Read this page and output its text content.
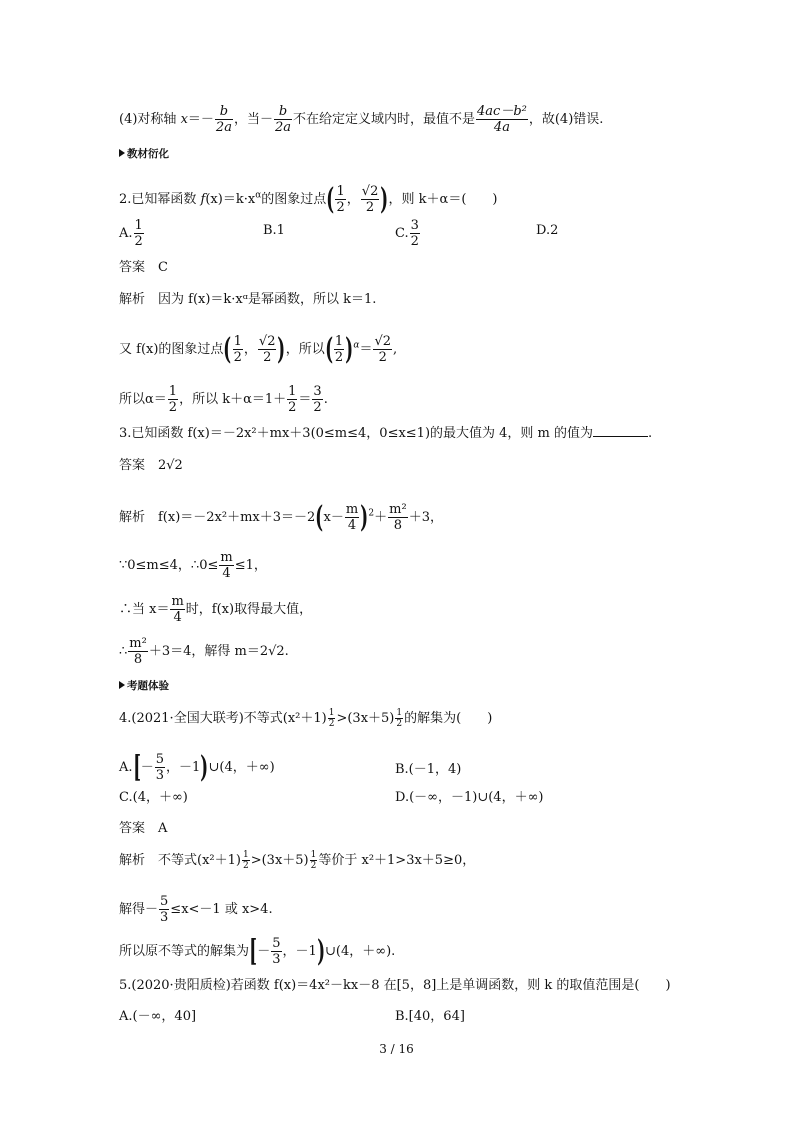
(4)对称轴 $x=- \frac{b}{2a}$ ，当－ $\frac{b}{2a}$ 不在给定定义域内时，最值不是 $\frac{\text{4ac－b²}}{4a}$ ，故(4)错误.
教材衍化
2.已知幂函数 $f(x)=k\cdot x^\alpha$的图象过点( $\frac{1}{2}$ ， $\frac{√2}{2}$ )，则 k＋α＝(　　)
A. $\frac{1}{2}$	B.1	C. $\frac{3}{2}$	D.2
答案　C
解析　因为 f(x)＝k·xᵅ是幂函数，所以 k＝1.
又 f(x)的图象过点( $\frac{1}{2}$ ， $\frac{√2}{2}$ )，所以( $\frac{1}{2} )^\alpha= \frac{√2}{2}$ ,
所以$\alpha= \frac{1}{2}$ ，所以 $k+\alpha=1+ \frac{1}{2} = \frac{3}{2}$ .
3.已知函数 f(x)＝－2x²＋mx＋3(0≤m≤4，0≤x≤1)的最大值为 4，则 m 的值为	.
答案　2√2
解析　$f(x)=-2x^2+mx+3=-2(x- \frac{m}{4} )^2+ \frac{\text{m²}}{8} +3$，
∵0≤m≤4，∴0≤ $\frac{m}{4} \le 1$，
∴当 $x= \frac{m}{4}$ 时，f(x)取得最大值，
∴ $\frac{\text{m²}}{8} +3=4$，解得 m＝2√2.
考题体验
4.(2021·全国大联考)不等式$(x^2+1) \frac{1}{2} >(3x+5) \frac{1}{2}$ 的解集为(　　)
$A.[- \frac{5}{3}$ ，－1)∪(4，＋∞)	B.(－1，4)
C.(4，＋∞)	D.(－∞，－1)∪(4，＋∞)
答案　A
解析　不等式$(x^2+1) \frac{1}{2} >(3x+5) \frac{1}{2}$ 等价于 x²＋1>3x＋5≥0，
解得－ $\frac{5}{3} \le x<-1$ 或 x>4.
所以原不等式的解集为[－ $\frac{5}{3}$ ，－1)∪(4，＋∞).
5.(2020·贵阳质检)若函数 f(x)＝4x²－kx－8 在[5，8]上是单调函数，则 k 的取值范围是(　　)
A.(－∞，40]	B.[40，64]
3 / 16
